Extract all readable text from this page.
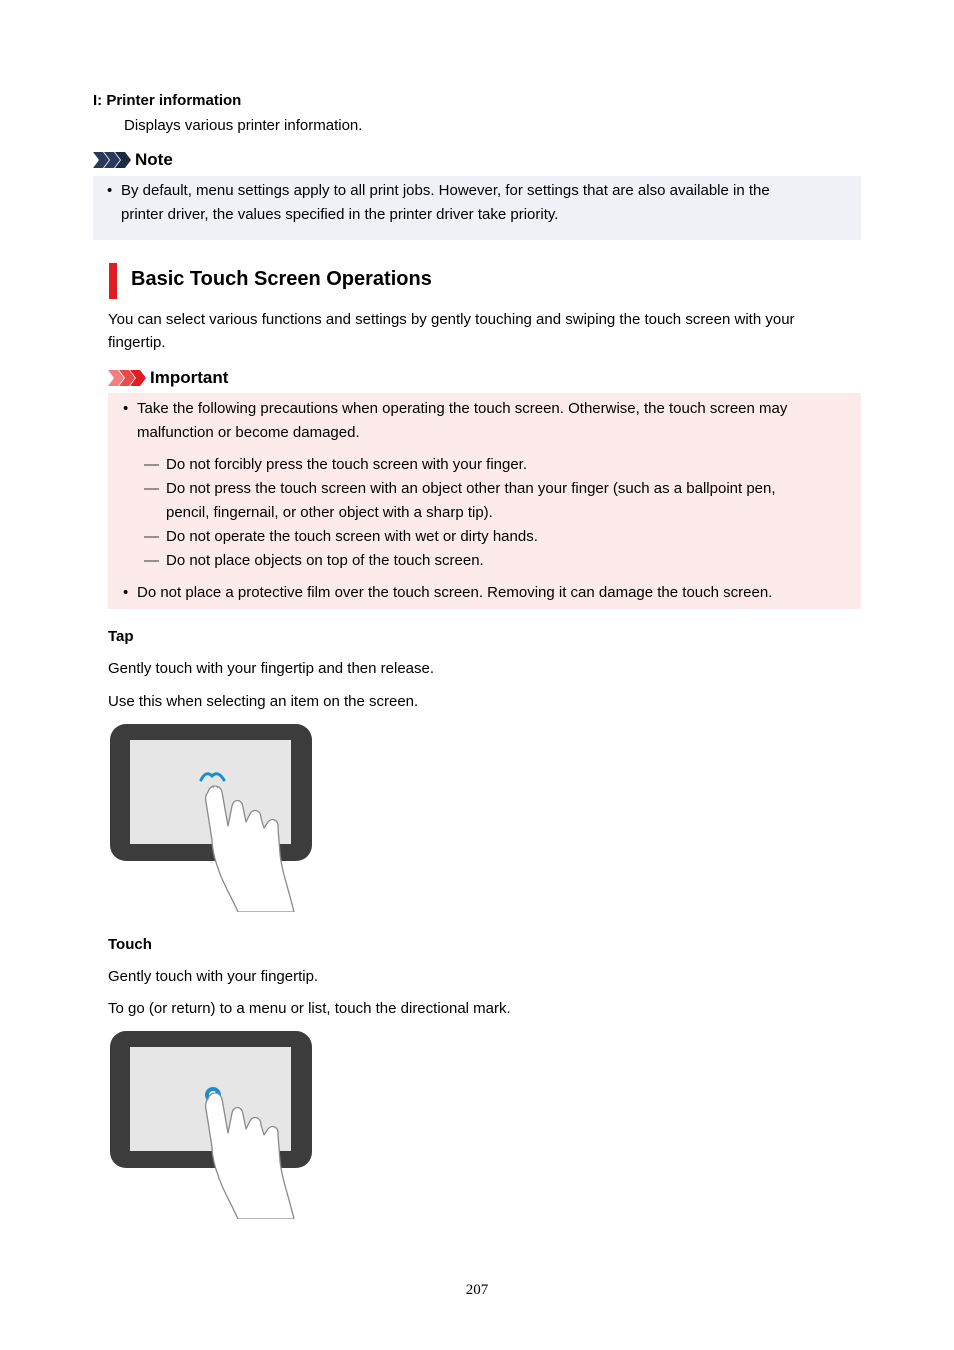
I: Printer information
Displays various printer information.
Note
• By default, menu settings apply to all print jobs. However, for settings that are also available in the
printer driver, the values specified in the printer driver take priority.
Basic Touch Screen Operations
You can select various functions and settings by gently touching and swiping the touch screen with your
fingertip.
Important
• Take the following precautions when operating the touch screen. Otherwise, the touch screen may
malfunction or become damaged.
— Do not forcibly press the touch screen with your finger.
— Do not press the touch screen with an object other than your finger (such as a ballpoint pen,
pencil, fingernail, or other object with a sharp tip).
— Do not operate the touch screen with wet or dirty hands.
— Do not place objects on top of the touch screen.
• Do not place a protective film over the touch screen. Removing it can damage the touch screen.
Tap
Gently touch with your fingertip and then release.
Use this when selecting an item on the screen.
Touch
Gently touch with your fingertip.
To go (or return) to a menu or list, touch the directional mark.
207
